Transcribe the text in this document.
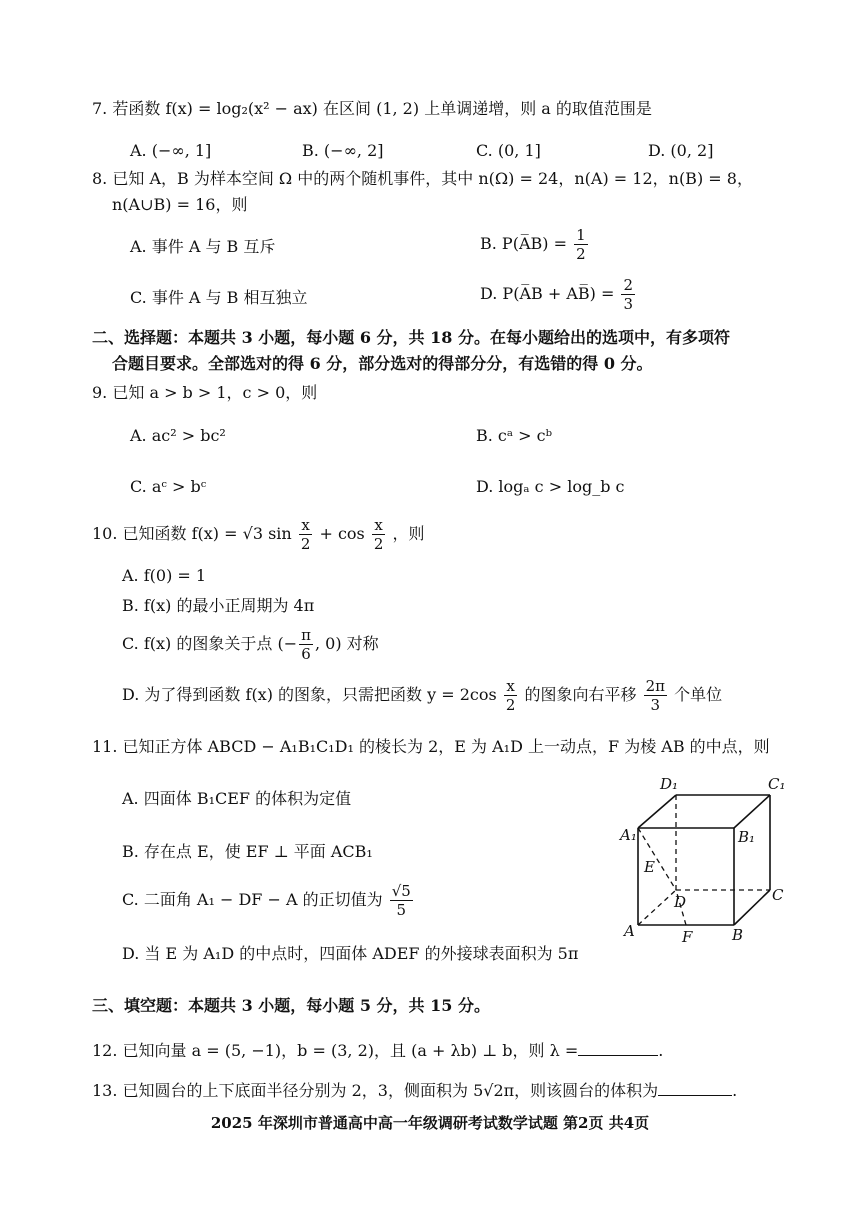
7. 若函数 f(x) = log₂(x² − ax) 在区间 (1, 2) 上单调递增，则 a 的取值范围是
A. (−∞, 1]	B. (−∞, 2]	C. (0, 1]	D. (0, 2]
8. 已知 A，B 为样本空间 Ω 中的两个随机事件，其中 n(Ω) = 24，n(A) = 12，n(B) = 8，
n(A∪B) = 16，则
A. 事件 A 与 B 互斥	B. P(A̅B) = $\frac{1}{2}$
C. 事件 A 与 B 相互独立	D. P(A̅B + AB̅) = $\frac{2}{3}$
二、选择题：本题共 3 小题，每小题 6 分，共 18 分。在每小题给出的选项中，有多项符
合题目要求。全部选对的得 6 分，部分选对的得部分分，有选错的得 0 分。
9. 已知 a > b > 1，c > 0，则
A. ac² > bc²	B. cᵃ > cᵇ
C. aᶜ > bᶜ	D. logₐ c > log_b c
10. 已知函数 f(x) = √3 $\sin \frac{x}{2} + \cos \frac{x}{2}$ ，则
A. f(0) = 1
B. f(x) 的最小正周期为 4π
C. f(x) 的图象关于点 (− $\frac{\pi}{6}$ , 0) 对称
D. 为了得到函数 f(x) 的图象，只需把函数 $y = 2\cos \frac{x}{2}$ 的图象向右平移 $\frac{2\pi}{3}$ 个单位
11. 已知正方体 ABCD − A₁B₁C₁D₁ 的棱长为 2，E 为 A₁D 上一动点，F 为棱 AB 的中点，则
A. 四面体 B₁CEF 的体积为定值
B. 存在点 E，使 EF ⊥ 平面 ACB₁
C. 二面角 A₁ − DF − A 的正切值为 $\frac{√5}{5}$
D. 当 E 为 A₁D 的中点时，四面体 ADEF 的外接球表面积为 5π
D₁	C₁
A₁	B₁
E
D	C
A	F	B
三、填空题：本题共 3 小题，每小题 5 分，共 15 分。
12. 已知向量 a = (5, −1)，b = (3, 2)，且 (a + λb) ⊥ b，则 λ =	.
13. 已知圆台的上下底面半径分别为 2，3，侧面积为 5√2π，则该圆台的体积为	.
2025 年深圳市普通高中高一年级调研考试数学试题 第2页 共4页
